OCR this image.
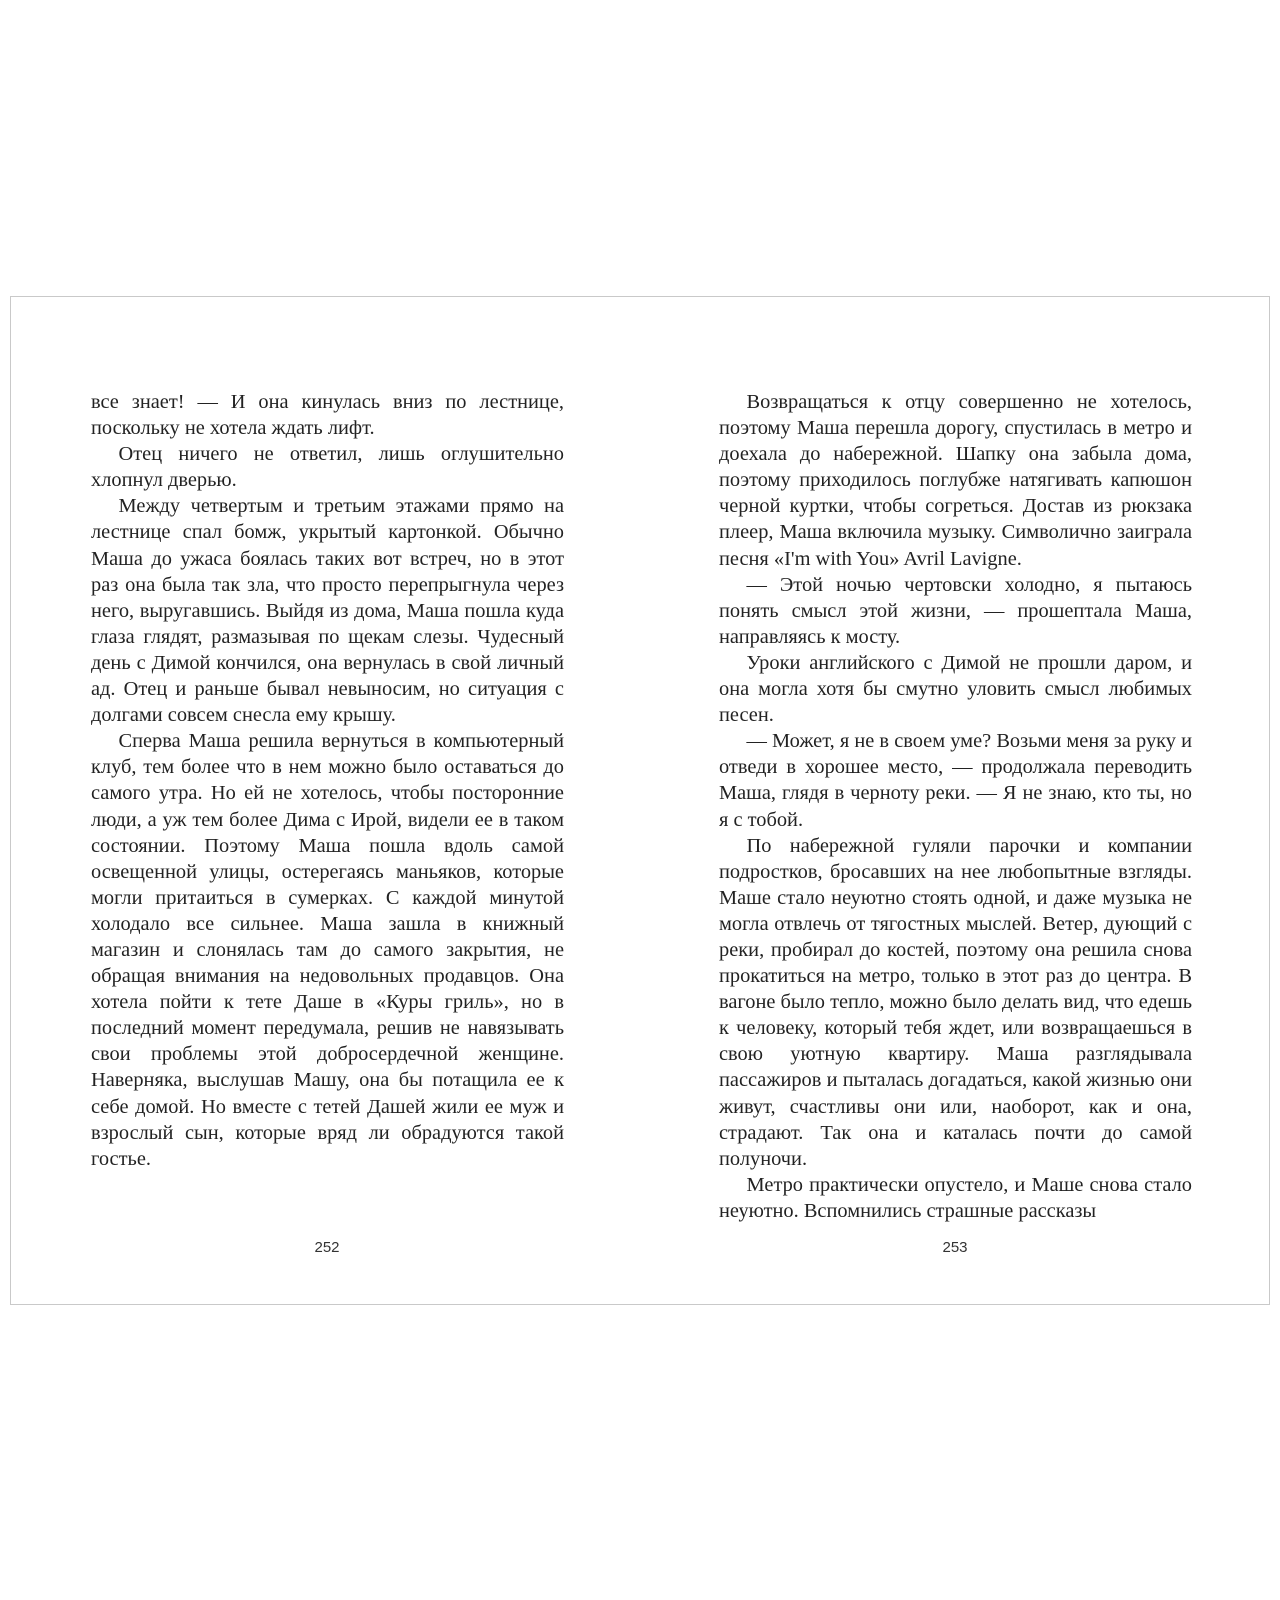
все знает! — И она кинулась вниз по лестнице, поскольку не хотела ждать лифт.

Отец ничего не ответил, лишь оглушительно хлопнул дверью.

Между четвертым и третьим этажами прямо на лестнице спал бомж, укрытый картонкой. Обычно Маша до ужаса боялась таких вот встреч, но в этот раз она была так зла, что просто перепрыгнула через него, выругавшись. Выйдя из дома, Маша пошла куда глаза глядят, размазывая по щекам слезы. Чудесный день с Димой кончился, она вернулась в свой личный ад. Отец и раньше бывал невыносим, но ситуация с долгами совсем снесла ему крышу.

Сперва Маша решила вернуться в компьютерный клуб, тем более что в нем можно было оставаться до самого утра. Но ей не хотелось, чтобы посторонние люди, а уж тем более Дима с Ирой, видели ее в таком состоянии. Поэтому Маша пошла вдоль самой освещенной улицы, остерегаясь маньяков, которые могли притаиться в сумерках. С каждой минутой холодало все сильнее. Маша зашла в книжный магазин и слонялась там до самого закрытия, не обращая внимания на недовольных продавцов. Она хотела пойти к тете Даше в «Куры гриль», но в последний момент передумала, решив не навязывать свои проблемы этой добросердечной женщине. Наверняка, выслушав Машу, она бы потащила ее к себе домой. Но вместе с тетей Дашей жили ее муж и взрослый сын, которые вряд ли обрадуются такой гостье.

Возвращаться к отцу совершенно не хотелось, поэтому Маша перешла дорогу, спустилась в метро и доехала до набережной. Шапку она забыла дома, поэтому приходилось поглубже натягивать капюшон черной куртки, чтобы согреться. Достав из рюкзака плеер, Маша включила музыку. Символично заиграла песня «I'm with You» Avril Lavigne.

— Этой ночью чертовски холодно, я пытаюсь понять смысл этой жизни, — прошептала Маша, направляясь к мосту.

Уроки английского с Димой не прошли даром, и она могла хотя бы смутно уловить смысл любимых песен.

— Может, я не в своем уме? Возьми меня за руку и отведи в хорошее место, — продолжала переводить Маша, глядя в черноту реки. — Я не знаю, кто ты, но я с тобой.

По набережной гуляли парочки и компании подростков, бросавших на нее любопытные взгляды. Маше стало неуютно стоять одной, и даже музыка не могла отвлечь от тягостных мыслей. Ветер, дующий с реки, пробирал до костей, поэтому она решила снова прокатиться на метро, только в этот раз до центра. В вагоне было тепло, можно было делать вид, что едешь к человеку, который тебя ждет, или возвращаешься в свою уютную квартиру. Маша разглядывала пассажиров и пыталась догадаться, какой жизнью они живут, счастливы они или, наоборот, как и она, страдают. Так она и каталась почти до самой полуночи.

Метро практически опустело, и Маше снова стало неуютно. Вспомнились страшные рассказы

252	253
